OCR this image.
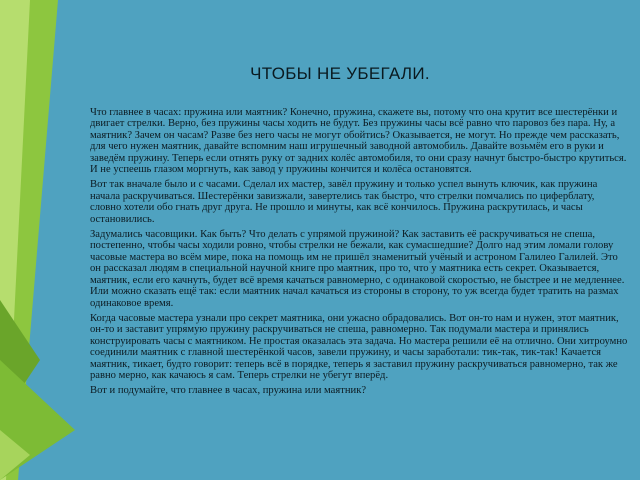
ЧТОБЫ НЕ УБЕГАЛИ.

Что главнее в часах: пружина или маятник? Конечно, пружина, скажете вы, потому что она крутит все шестерёнки и двигает стрелки. Верно, без пружины часы ходить не будут. Без пружины часы всё равно что паровоз без пара. Ну, а маятник? Зачем он часам? Разве без него часы не могут обойтись? Оказывается, не могут. Но прежде чем рассказать, для чего нужен маятник, давайте вспомним наш игрушечный заводной автомобиль. Давайте возьмём его в руки и заведём пружину. Теперь если отнять руку от задних колёс автомобиля, то они сразу начнут быстро-быстро крутиться. И не успеешь глазом моргнуть, как завод у пружины кончится и колёса остановятся.

Вот так вначале было и с часами. Сделал их мастер, завёл пружину и только успел вынуть ключик, как пружина начала раскручиваться. Шестерёнки завизжали, завертелись так быстро, что стрелки помчались по циферблату, словно хотели обо гнать друг друга. Не прошло и минуты, как всё кончилось. Пружина раскрутилась, и часы остановились.

Задумались часовщики. Как быть? Что делать с упрямой пружиной? Как заставить её раскручиваться не спеша, постепенно, чтобы часы ходили ровно, чтобы стрелки не бежали, как сумасшедшие? Долго над этим ломали голову часовые мастера во всём мире, пока на помощь им не пришёл знаменитый учёный и астроном Галилео Галилей. Это он рассказал людям в специальной научной книге про маятник, про то, что у маятника есть секрет. Оказывается, маятник, если его качнуть, будет всё время качаться равномерно, с одинаковой скоростью, не быстрее и не медленнее. Или можно сказать ещё так: если маятник начал качаться из стороны в сторону, то уж всегда будет тратить на размах одинаковое время.

Когда часовые мастера узнали про секрет маятника, они ужасно обрадовались. Вот он-то нам и нужен, этот маятник, он-то и заставит упрямую пружину раскручиваться не спеша, равномерно. Так подумали мастера и принялись конструировать часы с маятником. Не простая оказалась эта задача. Но мастера решили её на отлично. Они хитроумно соединили маятник с главной шестерёнкой часов, завели пружину, и часы заработали: тик-так, тик-так! Качается маятник, тикает, будто говорит: теперь всё в порядке, теперь я заставил пружину раскручиваться равномерно, так же равно мерно, как качаюсь я сам. Теперь стрелки не убегут вперёд.

Вот и подумайте, что главнее в часах, пружина или маятник?
